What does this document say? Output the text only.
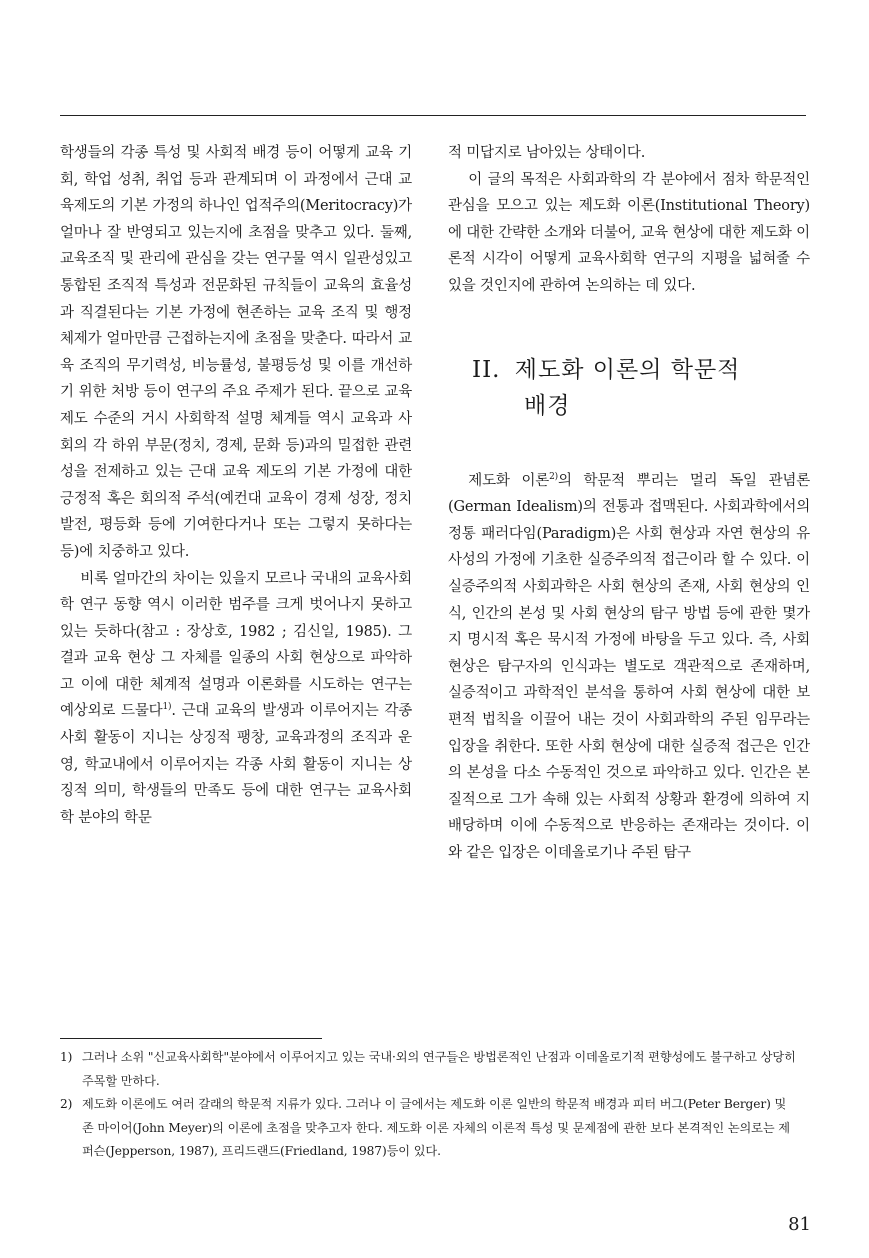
학생들의 각종 특성 및 사회적 배경 등이 어떻게 교육 기회, 학업 성취, 취업 등과 관계되며 이 과정에서 근대 교육제도의 기본 가정의 하나인 업적주의(Meritocracy)가 얼마나 잘 반영되고 있는지에 초점을 맞추고 있다. 둘째, 교육조직 및 관리에 관심을 갖는 연구물 역시 일관성있고 통합된 조직적 특성과 전문화된 규칙들이 교육의 효율성과 직결된다는 기본 가정에 현존하는 교육 조직 및 행정 체제가 얼마만큼 근접하는지에 초점을 맞춘다. 따라서 교육 조직의 무기력성, 비능률성, 불평등성 및 이를 개선하기 위한 처방 등이 연구의 주요 주제가 된다. 끝으로 교육 제도 수준의 거시 사회학적 설명 체계들 역시 교육과 사회의 각 하위 부문(정치, 경제, 문화 등)과의 밀접한 관련성을 전제하고 있는 근대 교육 제도의 기본 가정에 대한 긍정적 혹은 회의적 주석(예컨대 교육이 경제 성장, 정치 발전, 평등화 등에 기여한다거나 또는 그렇지 못하다는 등)에 치중하고 있다.

비록 얼마간의 차이는 있을지 모르나 국내의 교육사회학 연구 동향 역시 이러한 범주를 크게 벗어나지 못하고 있는 듯하다(참고 : 장상호, 1982 ; 김신일, 1985). 그 결과 교육 현상 그 자체를 일종의 사회 현상으로 파악하고 이에 대한 체계적 설명과 이론화를 시도하는 연구는 예상외로 드물다$^{1)}$. 근대 교육의 발생과 이루어지는 각종 사회 활동이 지니는 상징적 팽창, 교육과정의 조직과 운영, 학교내에서 이루어지는 각종 사회 활동이 지니는 상징적 의미, 학생들의 만족도 등에 대한 연구는 교육사회학 분야의 학문

적 미답지로 남아있는 상태이다.

이 글의 목적은 사회과학의 각 분야에서 점차 학문적인 관심을 모으고 있는 제도화 이론(Institutional Theory)에 대한 간략한 소개와 더불어, 교육 현상에 대한 제도화 이론적 시각이 어떻게 교육사회학 연구의 지평을 넓혀줄 수 있을 것인지에 관하여 논의하는 데 있다.

II. 제도화 이론의 학문적
배경

제도화 이론$^{2)}$의 학문적 뿌리는 멀리 독일 관념론(German Idealism)의 전통과 접맥된다. 사회과학에서의 정통 패러다임(Paradigm)은 사회 현상과 자연 현상의 유사성의 가정에 기초한 실증주의적 접근이라 할 수 있다. 이 실증주의적 사회과학은 사회 현상의 존재, 사회 현상의 인식, 인간의 본성 및 사회 현상의 탐구 방법 등에 관한 몇가지 명시적 혹은 묵시적 가정에 바탕을 두고 있다. 즉, 사회 현상은 탐구자의 인식과는 별도로 객관적으로 존재하며, 실증적이고 과학적인 분석을 통하여 사회 현상에 대한 보편적 법칙을 이끌어 내는 것이 사회과학의 주된 임무라는 입장을 취한다. 또한 사회 현상에 대한 실증적 접근은 인간의 본성을 다소 수동적인 것으로 파악하고 있다. 인간은 본질적으로 그가 속해 있는 사회적 상황과 환경에 의하여 지배당하며 이에 수동적으로 반응하는 존재라는 것이다. 이와 같은 입장은 이데올로기나 주된 탐구

1) 그러나 소위 "신교육사회학"분야에서 이루어지고 있는 국내·외의 연구들은 방법론적인 난점과 이데올로기적 편향성에도 불구하고 상당히 주목할 만하다.
2) 제도화 이론에도 여러 갈래의 학문적 지류가 있다. 그러나 이 글에서는 제도화 이론 일반의 학문적 배경과 피터 버그(Peter Berger) 및 존 마이어(John Meyer)의 이론에 초점을 맞추고자 한다. 제도화 이론 자체의 이론적 특성 및 문제점에 관한 보다 본격적인 논의로는 제퍼슨(Jepperson, 1987), 프리드랜드(Friedland, 1987)등이 있다.
81
